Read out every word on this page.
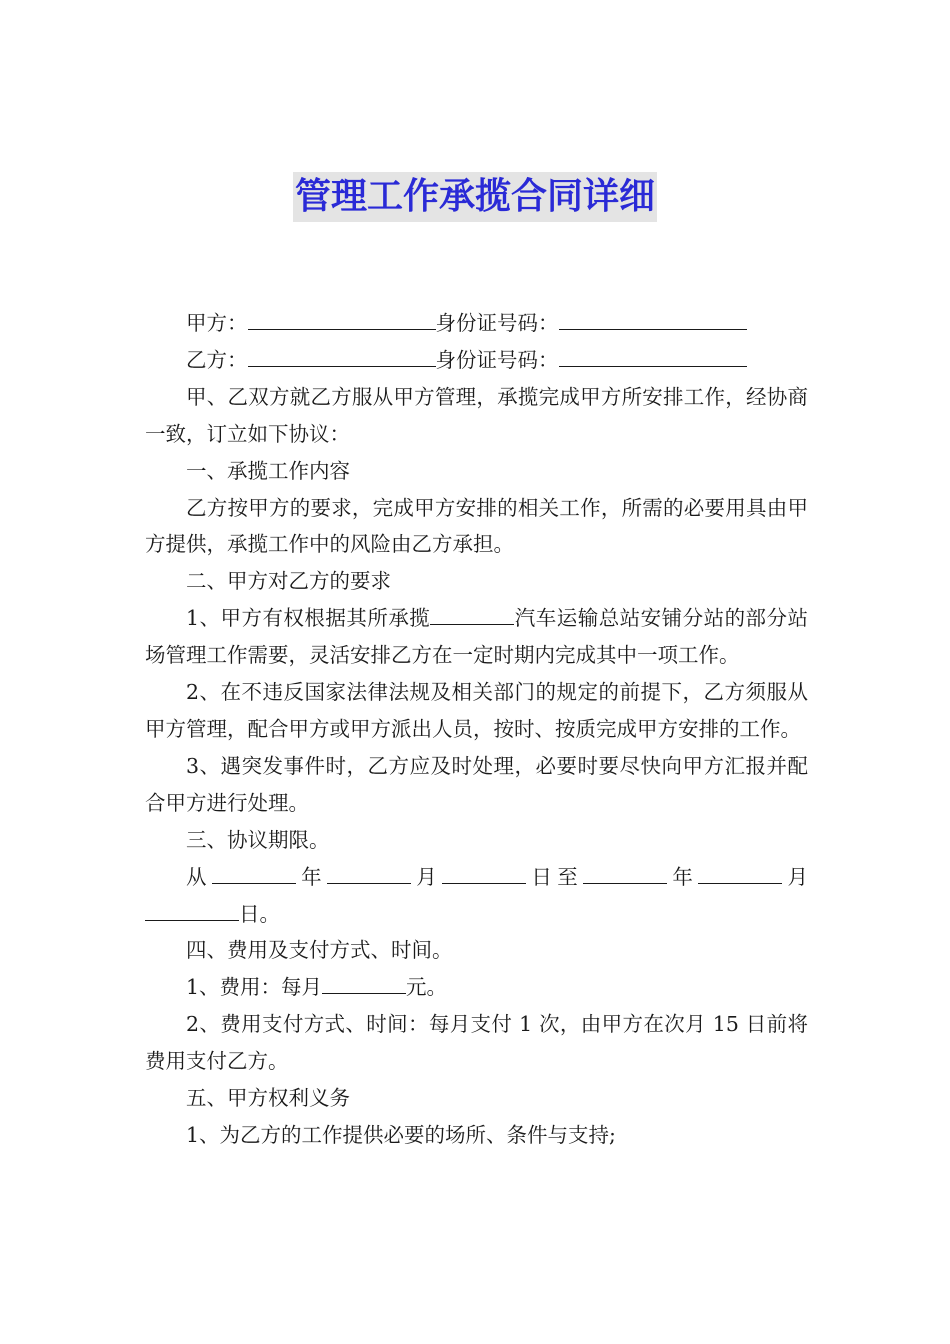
管理工作承揽合同详细

甲方：	身份证号码：

乙方：	身份证号码：

甲、乙双方就乙方服从甲方管理，承揽完成甲方所安排工作，经协商一致，订立如下协议：

一、承揽工作内容

乙方按甲方的要求，完成甲方安排的相关工作，所需的必要用具由甲方提供，承揽工作中的风险由乙方承担。

二、甲方对乙方的要求

1、甲方有权根据其所承揽	汽车运输总站安铺分站的部分站场管理工作需要，灵活安排乙方在一定时期内完成其中一项工作。

2、在不违反国家法律法规及相关部门的规定的前提下，乙方须服从甲方管理，配合甲方或甲方派出人员，按时、按质完成甲方安排的工作。

3、遇突发事件时，乙方应及时处理，必要时要尽快向甲方汇报并配合甲方进行处理。

三、协议期限。

从	年	月	日至	年	月日。

四、费用及支付方式、时间。

1、费用：每月	元。

2、费用支付方式、时间：每月支付 1 次，由甲方在次月 15 日前将费用支付乙方。

五、甲方权利义务

1、为乙方的工作提供必要的场所、条件与支持;
